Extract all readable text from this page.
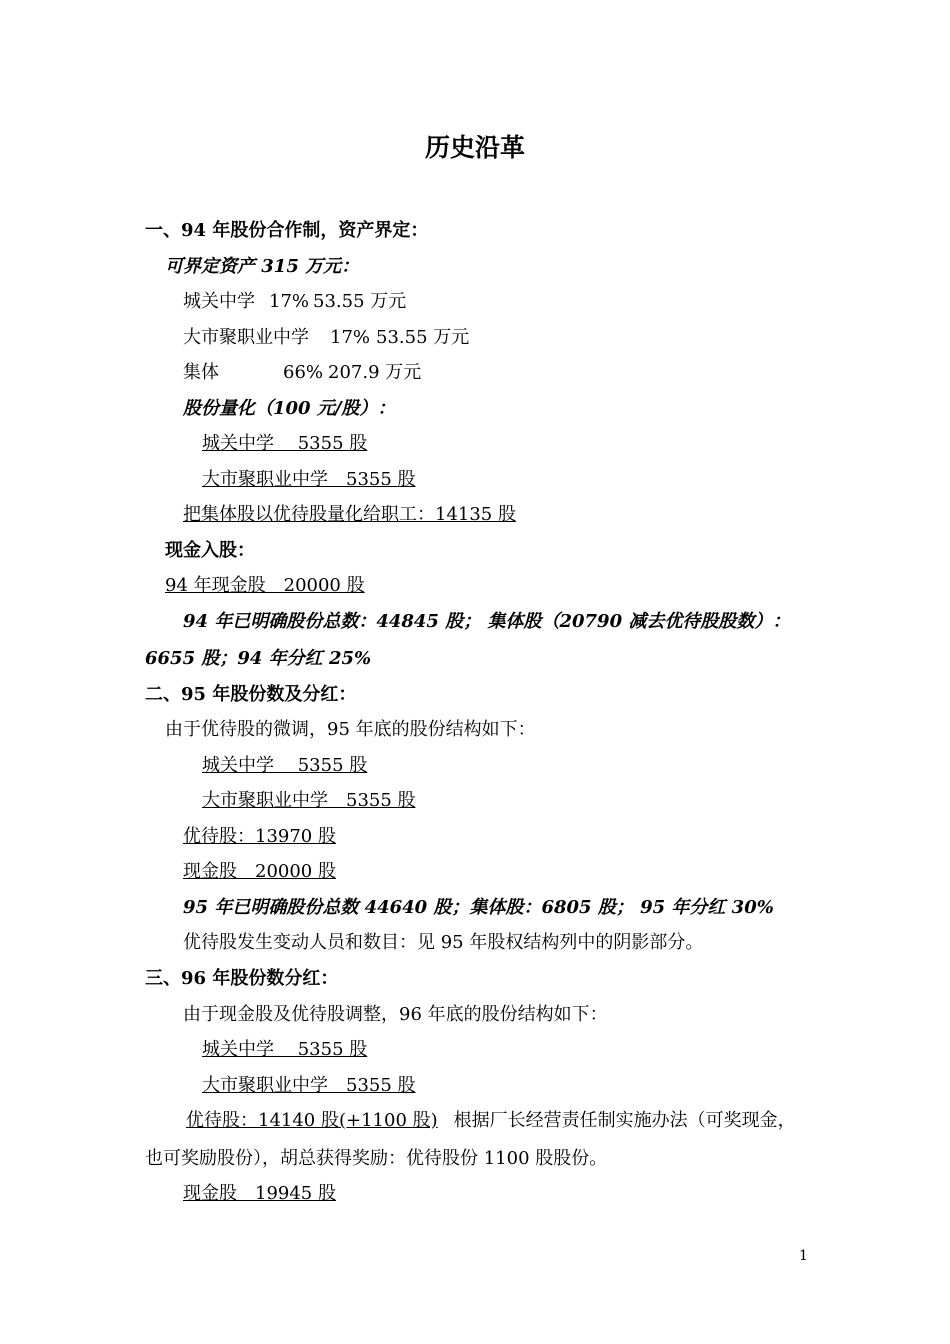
历史沿革
一、94 年股份合作制，资产界定：
可界定资产 315 万元：
城关中学 17% 53.55 万元
大市聚职业中学 17% 53.55 万元
集体	66% 207.9 万元
股份量化（100 元/股）：
城关中学　 5355 股
大市聚职业中学　5355 股
把集体股以优待股量化给职工：14135 股
现金入股：
94 年现金股　20000 股
94 年已明确股份总数：44845 股； 集体股（20790 减去优待股股数）：
6655 股；94 年分红 25%
二、95 年股份数及分红：
由于优待股的微调，95 年底的股份结构如下：
城关中学　 5355 股
大市聚职业中学　5355 股
优待股：13970 股
现金股　20000 股
95 年已明确股份总数 44640 股；集体股：6805 股； 95 年分红 30%
优待股发生变动人员和数目：见 95 年股权结构列中的阴影部分。
三、96 年股份数分红：
由于现金股及优待股调整，96 年底的股份结构如下：
城关中学　 5355 股
大市聚职业中学　5355 股
优待股：14140 股(+1100 股) 根据厂长经营责任制实施办法（可奖现金，
也可奖励股份），胡总获得奖励：优待股份 1100 股股份。
现金股　19945 股
1
